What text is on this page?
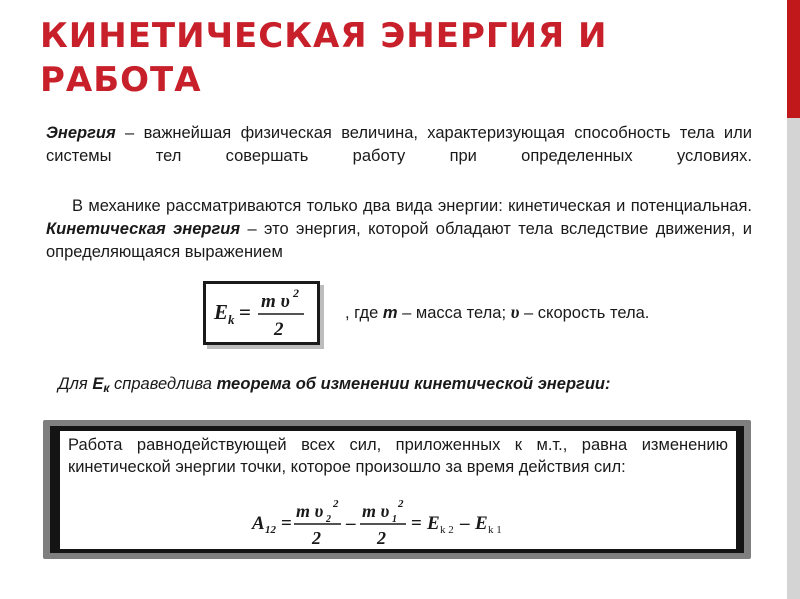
КИНЕТИЧЕСКАЯ ЭНЕРГИЯ И РАБОТА

Энергия – важнейшая физическая величина, характеризующая способность тела или системы тел совершать работу при определенных условиях.

В механике рассматриваются только два вида энергии: кинетическая и потенциальная. Кинетическая энергия – это энергия, которой обладают тела вследствие движения, и определяющаяся выражением

E k = m υ 2
2
, где m – масса тела; υ – скорость тела.
Для Eк справедлива теорема об изменении кинетической энергии:

Работа равнодействующей всех сил, приложенных к м.т., равна изменению кинетической энергии точки, которое произошло за время действия сил:

A 12 =
m υ 2
2
2
–
m υ 1
2
2
= E k 2 – E k 1
